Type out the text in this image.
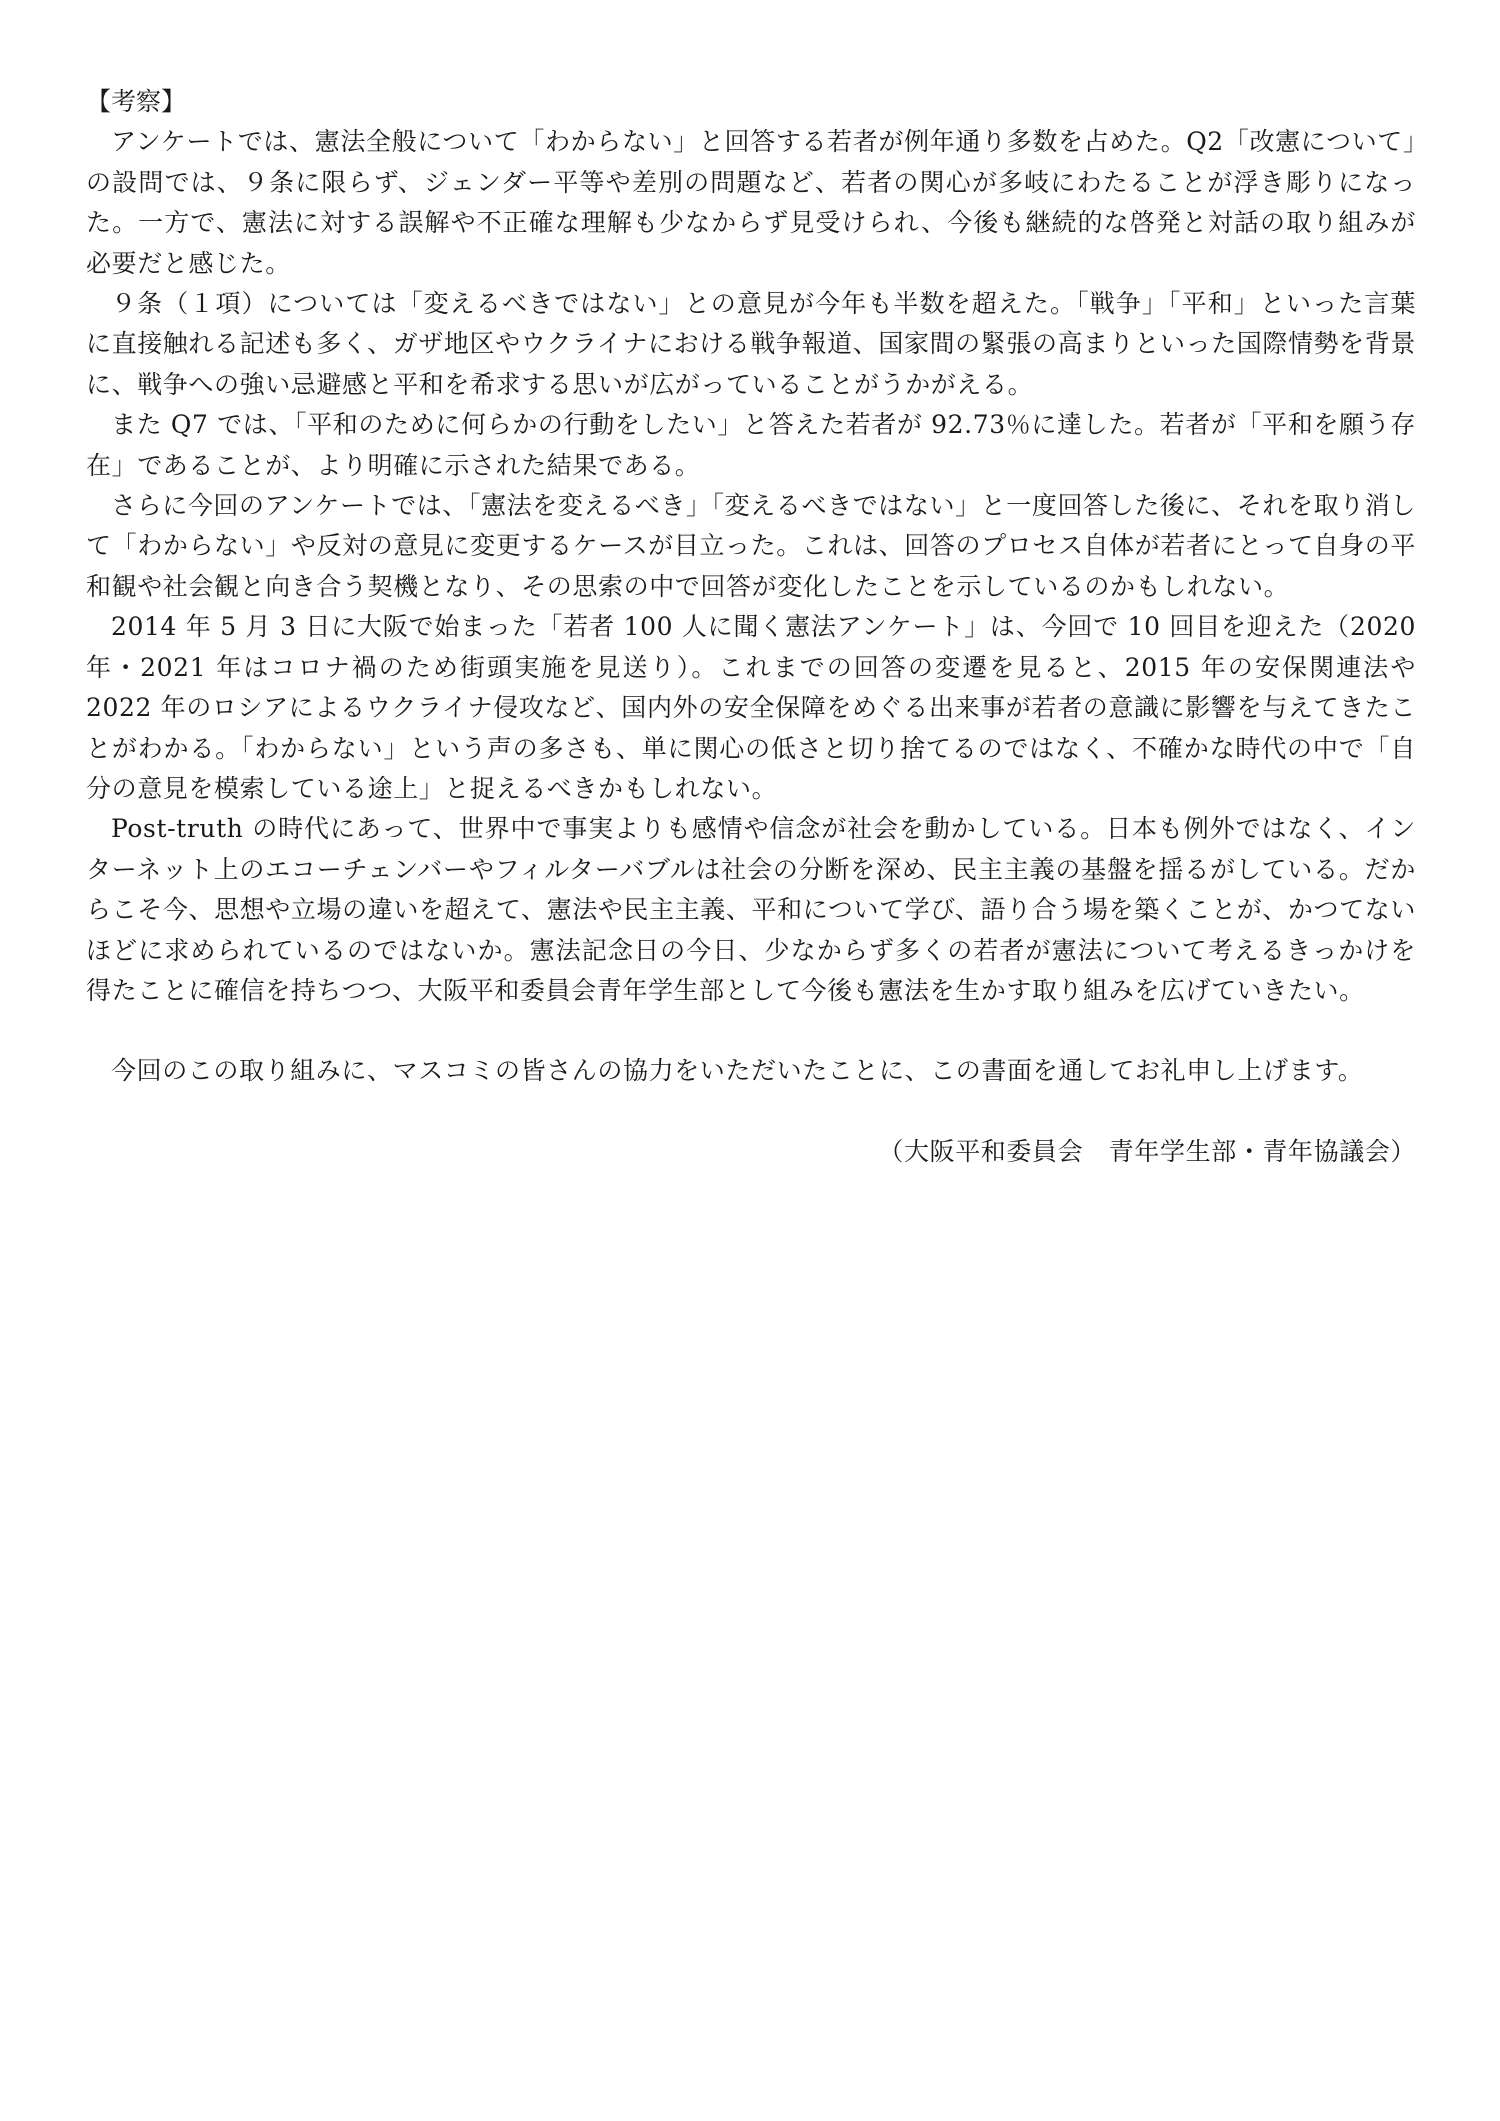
【考察】

アンケートでは、憲法全般について「わからない」と回答する若者が例年通り多数を占めた。Q2「改憲について」の設問では、９条に限らず、ジェンダー平等や差別の問題など、若者の関心が多岐にわたることが浮き彫りになった。一方で、憲法に対する誤解や不正確な理解も少なからず見受けられ、今後も継続的な啓発と対話の取り組みが必要だと感じた。

９条（１項）については「変えるべきではない」との意見が今年も半数を超えた。「戦争」「平和」といった言葉に直接触れる記述も多く、ガザ地区やウクライナにおける戦争報道、国家間の緊張の高まりといった国際情勢を背景に、戦争への強い忌避感と平和を希求する思いが広がっていることがうかがえる。

また Q7 では、「平和のために何らかの行動をしたい」と答えた若者が 92.73％に達した。若者が「平和を願う存在」であることが、より明確に示された結果である。

さらに今回のアンケートでは、「憲法を変えるべき」「変えるべきではない」と一度回答した後に、それを取り消して「わからない」や反対の意見に変更するケースが目立った。これは、回答のプロセス自体が若者にとって自身の平和観や社会観と向き合う契機となり、その思索の中で回答が変化したことを示しているのかもしれない。

2014 年 5 月 3 日に大阪で始まった「若者 100 人に聞く憲法アンケート」は、今回で 10 回目を迎えた（2020 年・2021 年はコロナ禍のため街頭実施を見送り）。これまでの回答の変遷を見ると、2015 年の安保関連法や 2022 年のロシアによるウクライナ侵攻など、国内外の安全保障をめぐる出来事が若者の意識に影響を与えてきたことがわかる。「わからない」という声の多さも、単に関心の低さと切り捨てるのではなく、不確かな時代の中で「自分の意見を模索している途上」と捉えるべきかもしれない。

Post-truth の時代にあって、世界中で事実よりも感情や信念が社会を動かしている。日本も例外ではなく、インターネット上のエコーチェンバーやフィルターバブルは社会の分断を深め、民主主義の基盤を揺るがしている。だからこそ今、思想や立場の違いを超えて、憲法や民主主義、平和について学び、語り合う場を築くことが、かつてないほどに求められているのではないか。憲法記念日の今日、少なからず多くの若者が憲法について考えるきっかけを得たことに確信を持ちつつ、大阪平和委員会青年学生部として今後も憲法を生かす取り組みを広げていきたい。

今回のこの取り組みに、マスコミの皆さんの協力をいただいたことに、この書面を通してお礼申し上げます。

（大阪平和委員会　青年学生部・青年協議会）
